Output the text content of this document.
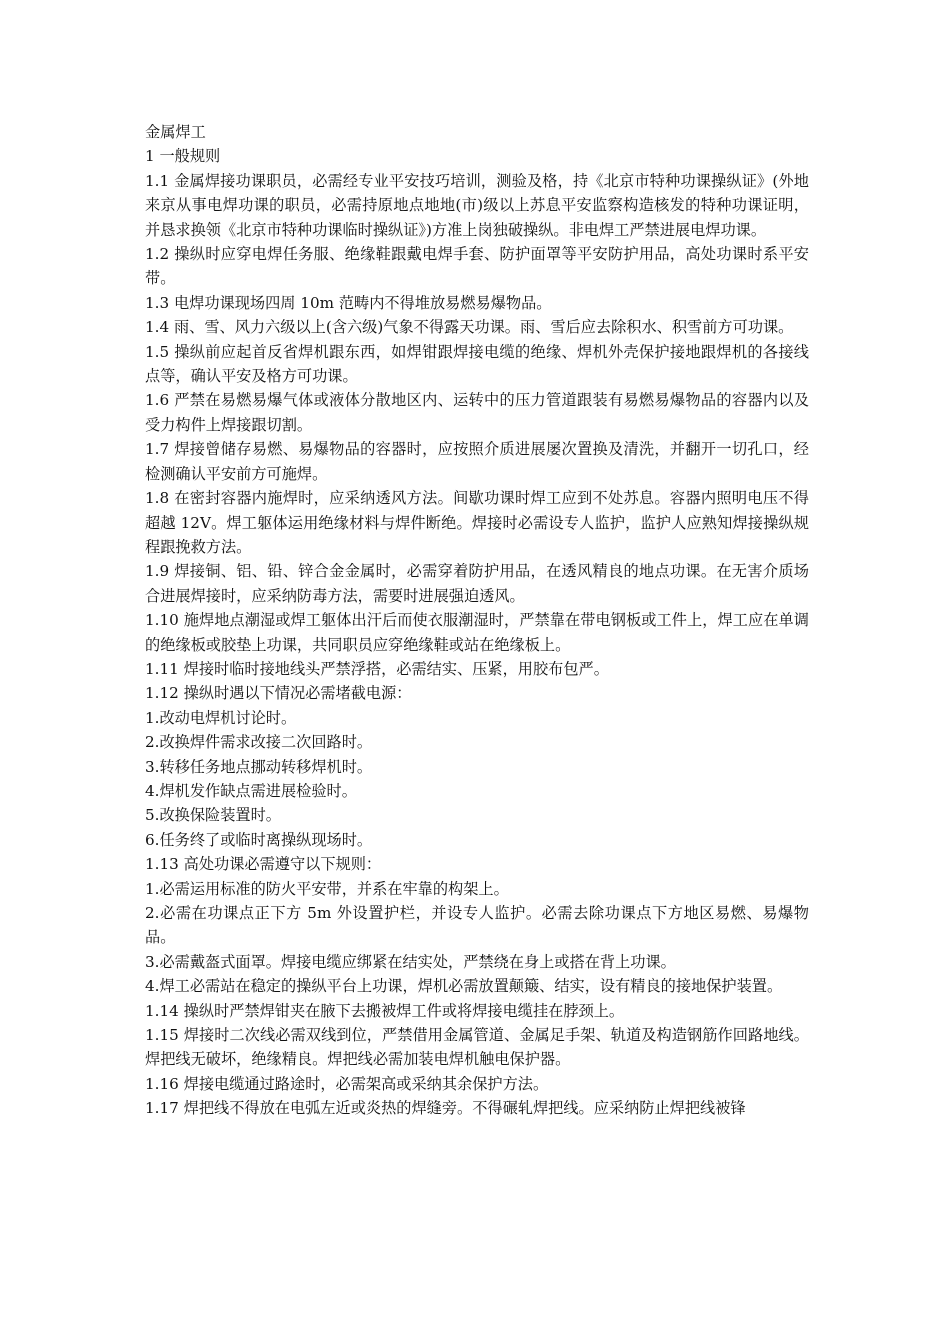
金属焊工

1 一般规则

1.1 金属焊接功课职员，必需经专业平安技巧培训，测验及格，持《北京市特种功课操纵证》(外地来京从事电焊功课的职员，必需持原地点地地(市)级以上苏息平安监察构造核发的特种功课证明，并恳求换领《北京市特种功课临时操纵证》)方准上岗独破操纵。非电焊工严禁进展电焊功课。

1.2 操纵时应穿电焊任务服、绝缘鞋跟戴电焊手套、防护面罩等平安防护用品，高处功课时系平安带。

1.3 电焊功课现场四周 10m 范畴内不得堆放易燃易爆物品。

1.4 雨、雪、风力六级以上(含六级)气象不得露天功课。雨、雪后应去除积水、积雪前方可功课。

1.5 操纵前应起首反省焊机跟东西，如焊钳跟焊接电缆的绝缘、焊机外壳保护接地跟焊机的各接线点等，确认平安及格方可功课。

1.6 严禁在易燃易爆气体或液体分散地区内、运转中的压力管道跟装有易燃易爆物品的容器内以及受力构件上焊接跟切割。

1.7 焊接曾储存易燃、易爆物品的容器时，应按照介质进展屡次置换及清洗，并翻开一切孔口，经检测确认平安前方可施焊。

1.8 在密封容器内施焊时，应采纳透风方法。间歇功课时焊工应到不处苏息。容器内照明电压不得超越 12V。焊工躯体运用绝缘材料与焊件断绝。焊接时必需设专人监护，监护人应熟知焊接操纵规程跟挽救方法。

1.9 焊接铜、铝、铅、锌合金金属时，必需穿着防护用品，在透风精良的地点功课。在无害介质场合进展焊接时，应采纳防毒方法，需要时进展强迫透风。

1.10 施焊地点潮湿或焊工躯体出汗后而使衣服潮湿时，严禁靠在带电钢板或工件上，焊工应在单调的绝缘板或胶垫上功课，共同职员应穿绝缘鞋或站在绝缘板上。

1.11 焊接时临时接地线头严禁浮搭，必需结实、压紧，用胶布包严。

1.12 操纵时遇以下情况必需堵截电源：

1.改动电焊机讨论时。

2.改换焊件需求改接二次回路时。

3.转移任务地点挪动转移焊机时。

4.焊机发作缺点需进展检验时。

5.改换保险装置时。

6.任务终了或临时离操纵现场时。

1.13 高处功课必需遵守以下规则：

1.必需运用标准的防火平安带，并系在牢靠的构架上。

2.必需在功课点正下方 5m 外设置护栏，并设专人监护。必需去除功课点下方地区易燃、易爆物品。

3.必需戴盔式面罩。焊接电缆应绑紧在结实处，严禁绕在身上或搭在背上功课。

4.焊工必需站在稳定的操纵平台上功课，焊机必需放置颠簸、结实，设有精良的接地保护装置。

1.14 操纵时严禁焊钳夹在腋下去搬被焊工件或将焊接电缆挂在脖颈上。

1.15 焊接时二次线必需双线到位，严禁借用金属管道、金属足手架、轨道及构造钢筋作回路地线。焊把线无破坏，绝缘精良。焊把线必需加装电焊机触电保护器。

1.16 焊接电缆通过路途时，必需架高或采纳其余保护方法。

1.17 焊把线不得放在电弧左近或炎热的焊缝旁。不得碾轧焊把线。应采纳防止焊把线被锋
